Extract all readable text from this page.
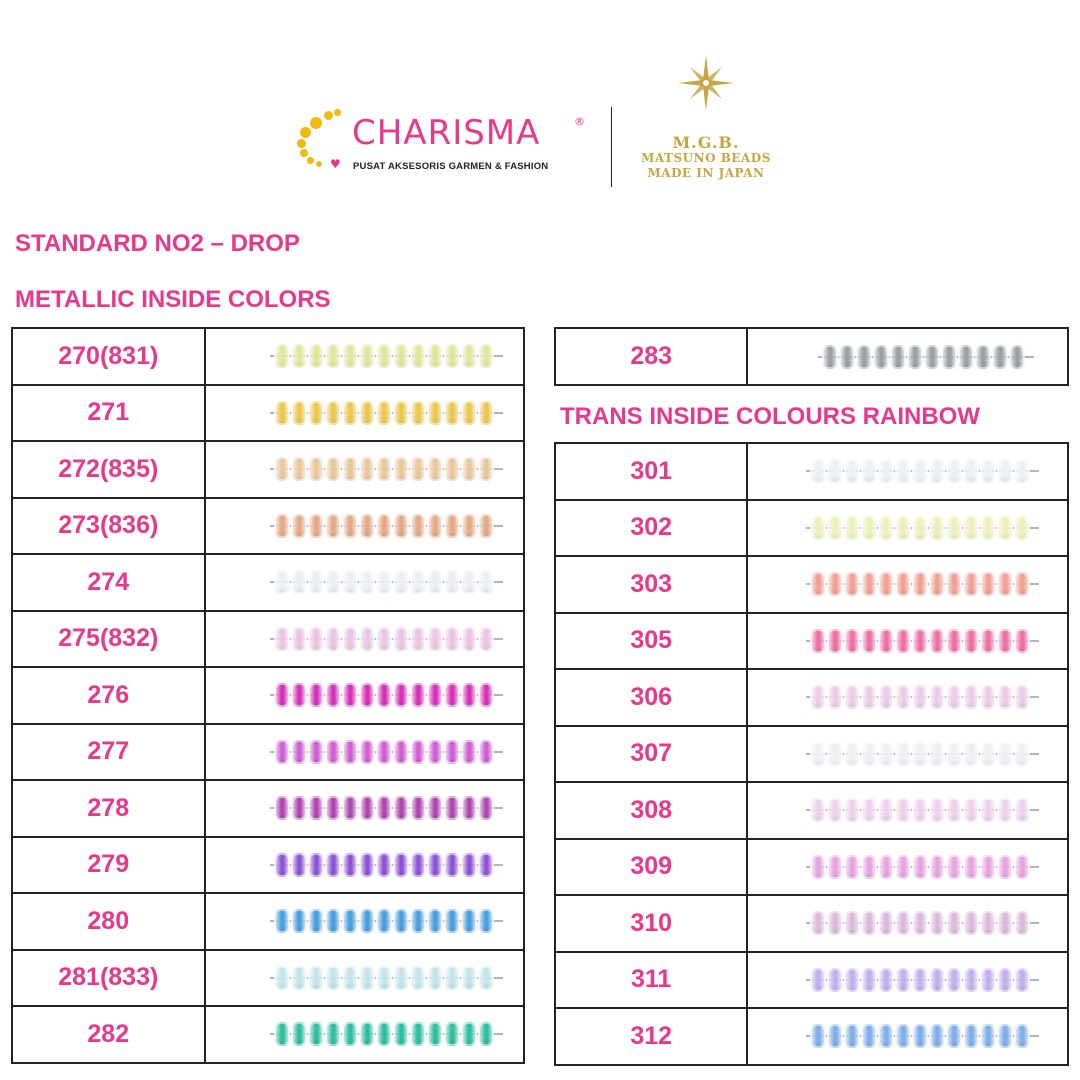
♥
CHARISMA	®
PUSAT AKSESORIS GARMEN & FASHION
M.G.B.
MATSUNO BEADS
MADE IN JAPAN
STANDARD NO2 – DROP
METALLIC INSIDE COLORS
TRANS INSIDE COLOURS RAINBOW
270(831)	

271	

272(835)	

273(836)	

274	

275(832)	

276	

277	

278	

279	

280	

281(833)	

282	
283	
301	

302	

303	

305	

306	

307	

308	

309	

310	

311	

312	
